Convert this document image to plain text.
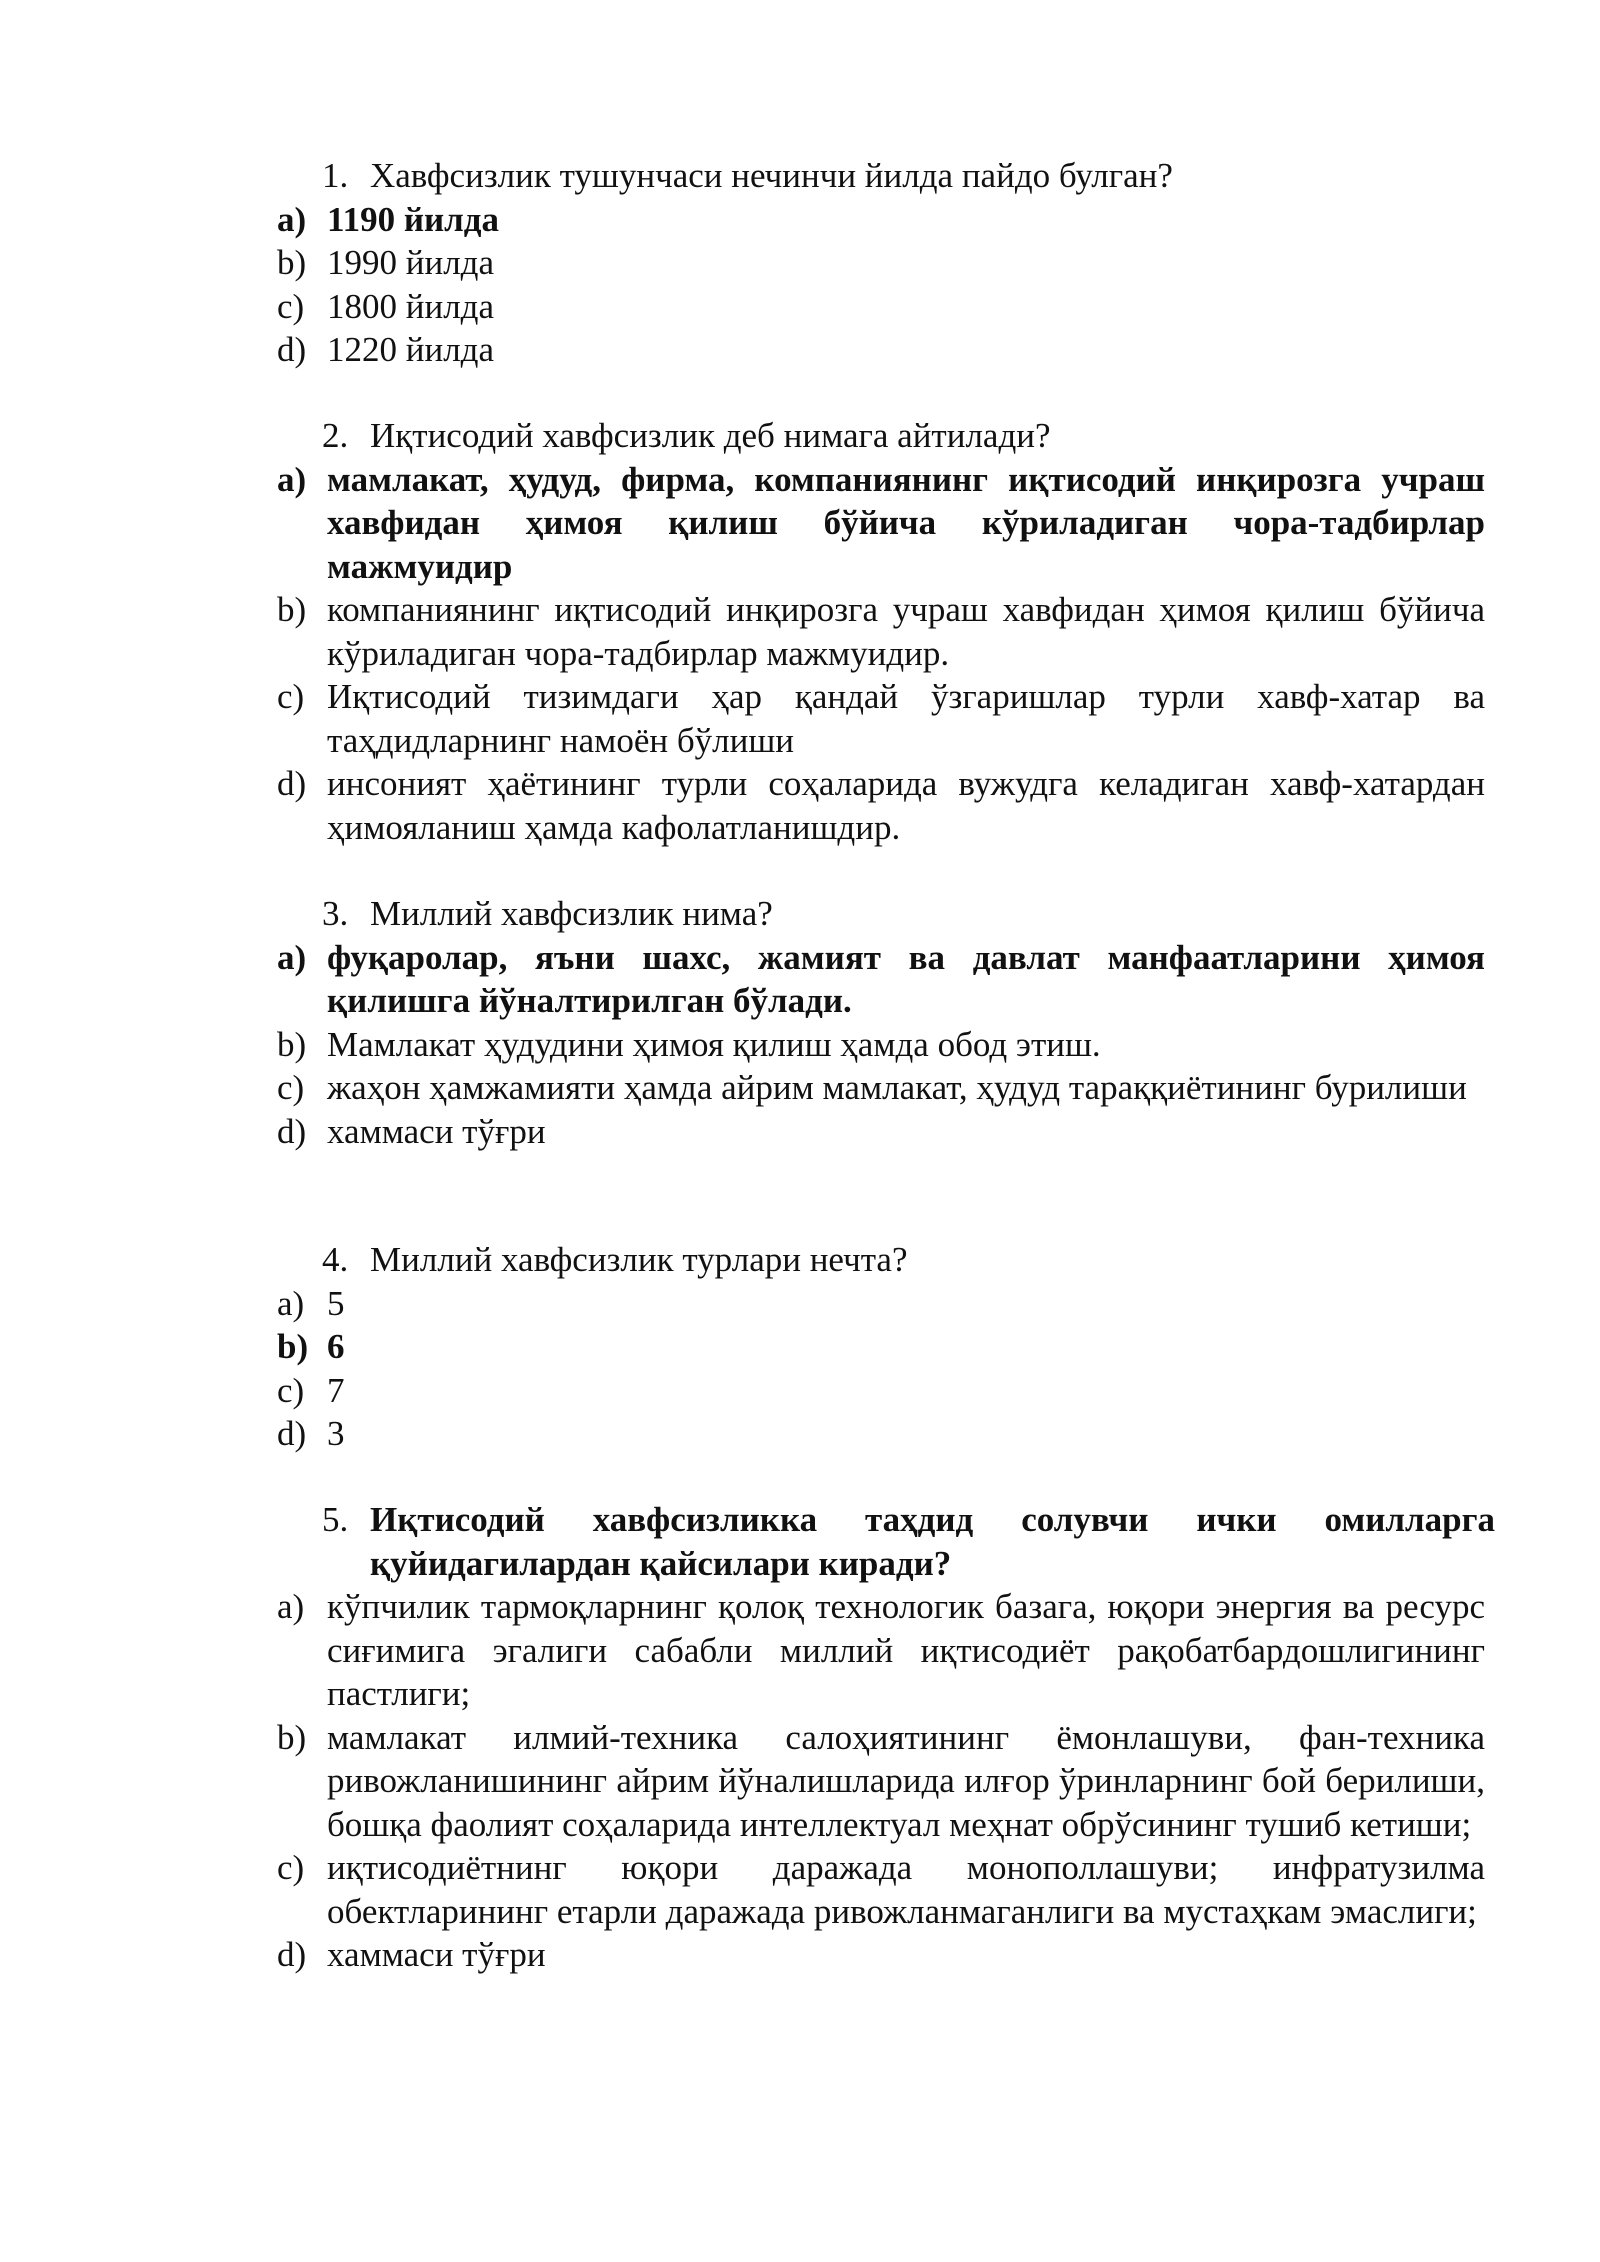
1. Хавфсизлик тушунчаси нечинчи йилда пайдо булган?
a) 1190 йилда
b) 1990 йилда
c) 1800 йилда
d) 1220 йилда
2. Иқтисодий хавфсизлик деб нимага айтилади?
a) мамлакат, ҳудуд, фирма, компаниянинг иқтисодий инқирозга учраш хавфидан ҳимоя қилиш бўйича кўриладиган чора-тадбирлар мажмуидир
b) компаниянинг иқтисодий инқирозга учраш хавфидан ҳимоя қилиш бўйича кўриладиган чора-тадбирлар мажмуидир.
c) Иқтисодий тизимдаги ҳар қандай ўзгаришлар турли хавф-хатар ва таҳдидларнинг намоён бўлиши
d) инсоният ҳаётининг турли соҳаларида вужудга келадиган хавф-хатардан ҳимояланиш ҳамда кафолатланишдир.
3. Миллий хавфсизлик нима?
a) фуқаролар, яъни шахс, жамият ва давлат манфаатларини ҳимоя қилишга йўналтирилган бўлади.
b) Мамлакат ҳудудини ҳимоя қилиш ҳамда обод этиш.
c) жаҳон ҳамжамияти ҳамда айрим мамлакат, ҳудуд тараққиётининг бурилиши
d) хаммаси тўғри
4. Миллий хавфсизлик турлари нечта?
a) 5
b) 6
c) 7
d) 3
5. Иқтисодий хавфсизликка таҳдид солувчи ички омилларга қуйидагилардан қайсилари киради?
a) кўпчилик тармоқларнинг қолоқ технологик базага, юқори энергия ва ресурс сиғимига эгалиги сабабли миллий иқтисодиёт рақобатбардошлигининг пастлиги;
b) мамлакат илмий-техника салоҳиятининг ёмонлашуви, фан-техника ривожланишининг айрим йўналишларида илғор ўринларнинг бой берилиши, бошқа фаолият соҳаларида интеллектуал меҳнат обрўсининг тушиб кетиши;
c) иқтисодиётнинг юқори даражада монополлашуви; инфратузилма обектларининг етарли даражада ривожланмаганлиги ва мустаҳкам эмаслиги;
d) хаммаси тўғри
